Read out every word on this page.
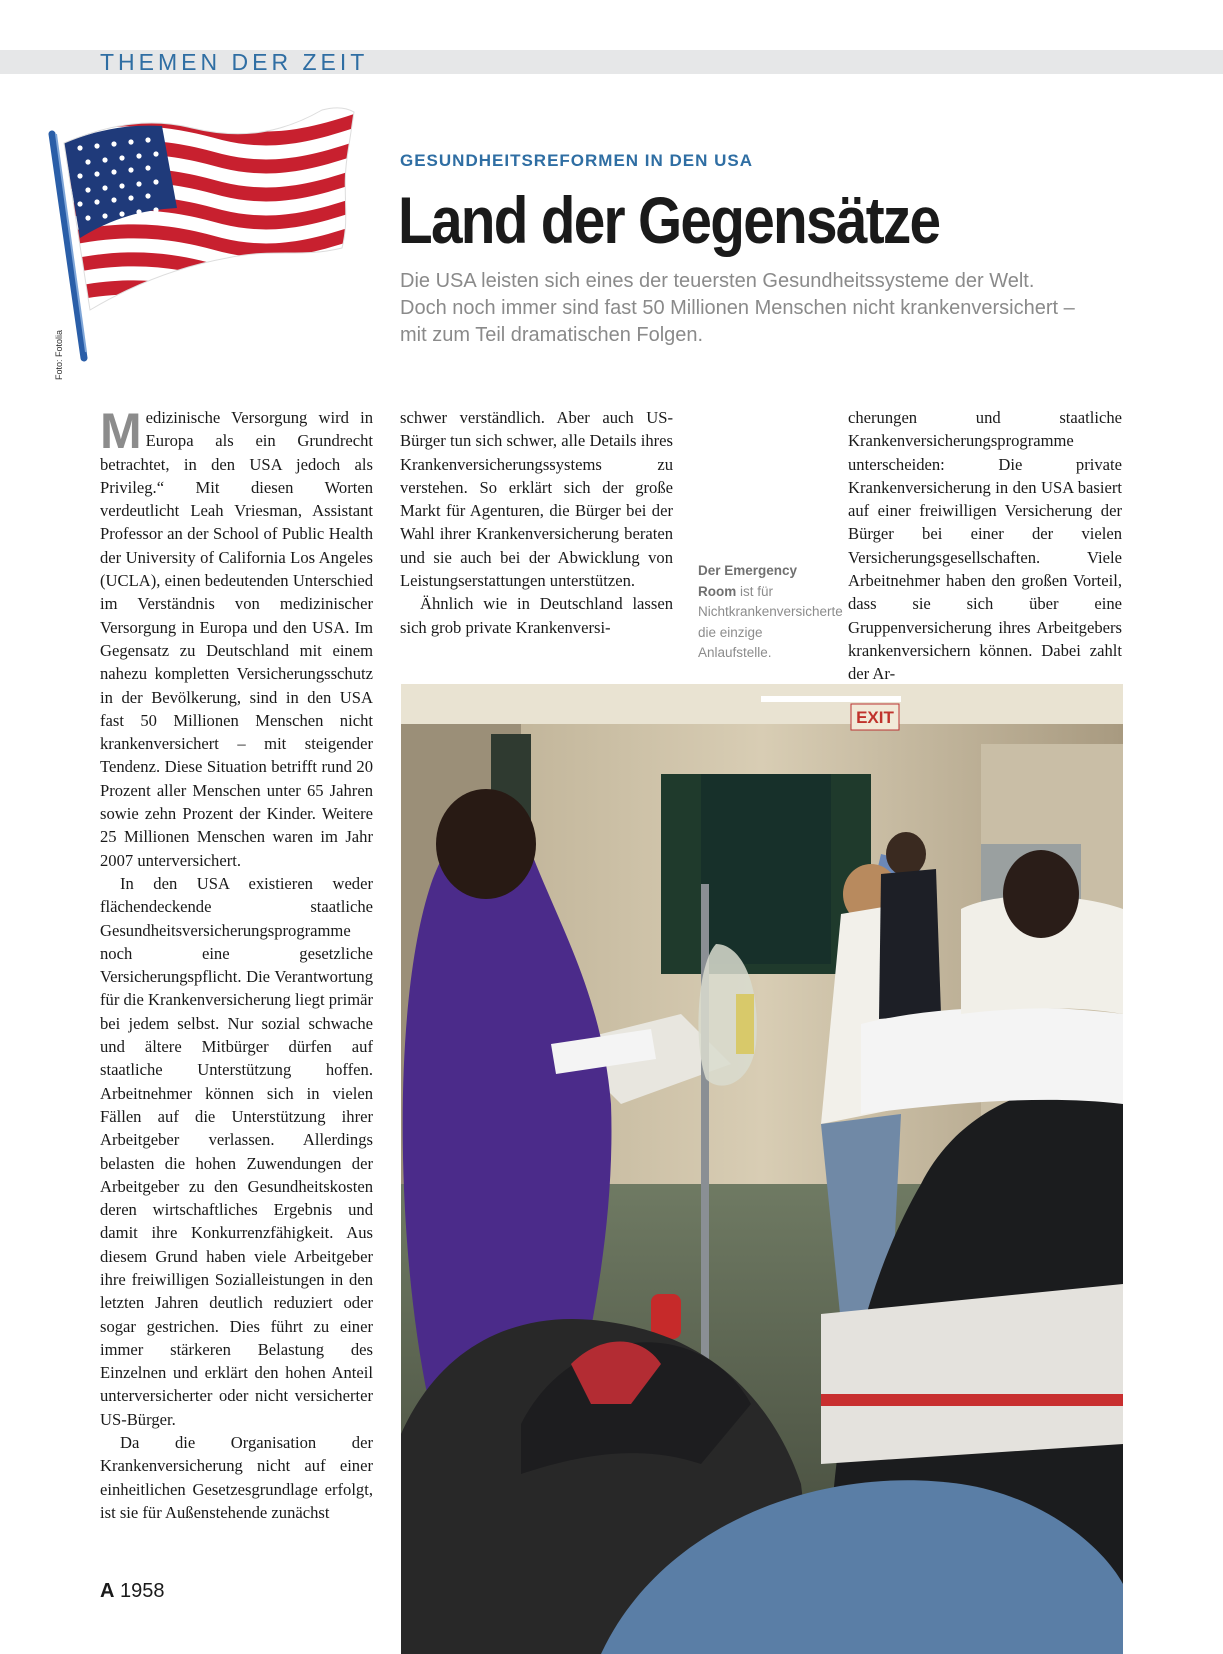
THEMEN DER ZEIT
Foto: Fotolia
GESUNDHEITSREFORMEN IN DEN USA
Land der Gegensätze
Die USA leisten sich eines der teuersten Gesundheitssysteme der Welt. Doch noch immer sind fast 50 Millionen Menschen nicht krankenversichert – mit zum Teil dramatischen Folgen.

Medizinische Versorgung wird in Europa als ein Grundrecht betrachtet, in den USA jedoch als Privileg.“ Mit diesen Worten verdeutlicht Leah Vriesman, Assistant Professor an der School of Public Health der University of California Los Angeles (UCLA), einen bedeutenden Unterschied im Verständnis von medizinischer Versorgung in Europa und den USA. Im Gegensatz zu Deutschland mit einem nahezu kompletten Versicherungsschutz in der Bevölkerung, sind in den USA fast 50 Millionen Menschen nicht krankenversichert – mit steigender Tendenz. Diese Situation betrifft rund 20 Prozent aller Menschen unter 65 Jahren sowie zehn Prozent der Kinder. Weitere 25 Millionen Menschen waren im Jahr 2007 unterversichert.

In den USA existieren weder flächendeckende staatliche Gesundheitsversicherungsprogramme noch eine gesetzliche Versicherungspflicht. Die Verantwortung für die Krankenversicherung liegt primär bei jedem selbst. Nur sozial schwache und ältere Mitbürger dürfen auf staatliche Unterstützung hoffen. Arbeitnehmer können sich in vielen Fällen auf die Unterstützung ihrer Arbeitgeber verlassen. Allerdings belasten die hohen Zuwendungen der Arbeitgeber zu den Gesundheitskosten deren wirtschaftliches Ergebnis und damit ihre Konkurrenzfähigkeit. Aus diesem Grund haben viele Arbeitgeber ihre freiwilligen Sozialleistungen in den letzten Jahren deutlich reduziert oder sogar gestrichen. Dies führt zu einer immer stärkeren Belastung des Einzelnen und erklärt den hohen Anteil unterversicherter oder nicht versicherter US-Bürger.

Da die Organisation der Krankenversicherung nicht auf einer einheitlichen Gesetzesgrundlage erfolgt, ist sie für Außenstehende zunächst

schwer verständlich. Aber auch US-Bürger tun sich schwer, alle Details ihres Krankenversicherungssystems zu verstehen. So erklärt sich der große Markt für Agenturen, die Bürger bei der Wahl ihrer Krankenversicherung beraten und sie auch bei der Abwicklung von Leistungserstattungen unterstützen.

Ähnlich wie in Deutschland lassen sich grob private Krankenversi-

Der Emergency Room ist für Nichtkrankenversicherte die einzige Anlaufstelle.

cherungen und staatliche Krankenversicherungsprogramme unterscheiden: Die private Krankenversicherung in den USA basiert auf einer freiwilligen Versicherung der Bürger bei einer der vielen Versicherungsgesellschaften. Viele Arbeitnehmer haben den großen Vorteil, dass sie sich über eine Gruppenversicherung ihres Arbeitgebers krankenversichern können. Dabei zahlt der Ar-

EXIT
A 1958
